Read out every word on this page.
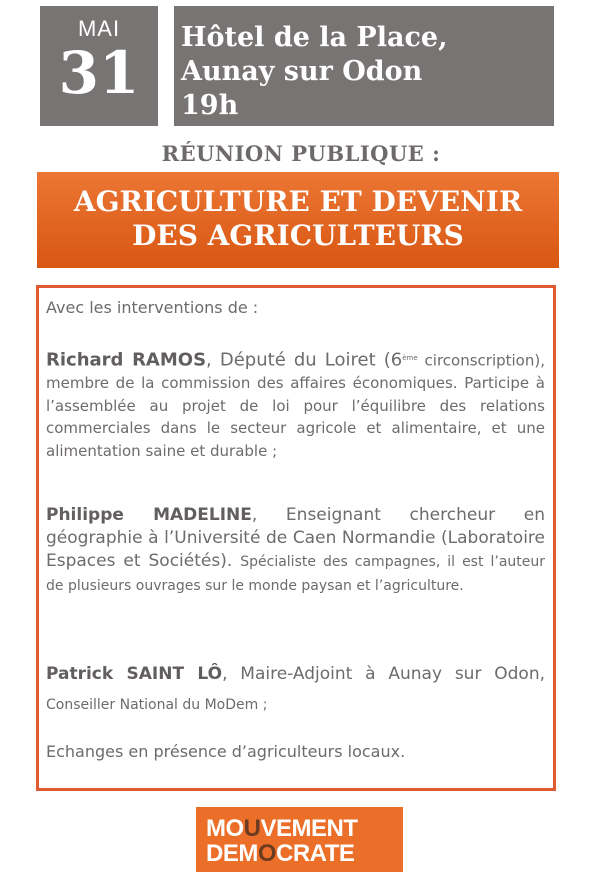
MAI
31
Hôtel de la Place,
Aunay sur Odon
19h
RÉUNION PUBLIQUE :
AGRICULTURE ET DEVENIR
DES AGRICULTEURS
Avec les interventions de :
Richard RAMOS, Député du Loiret (6ème circonscription), membre de la commission des affaires économiques. Participe à l’assemblée au projet de loi pour l’équilibre des relations commerciales dans le secteur agricole et alimentaire, et une alimentation saine et durable ;
Philippe MADELINE, Enseignant chercheur en géographie à l’Université de Caen Normandie (Laboratoire Espaces et Sociétés). Spécialiste des campagnes, il est l’auteur de plusieurs ouvrages sur le monde paysan et l’agriculture.
Patrick SAINT LÔ, Maire-Adjoint à Aunay sur Odon, Conseiller National du MoDem ;
Echanges en présence d’agriculteurs locaux.
MOUVEMENT
DEMOCRATE
